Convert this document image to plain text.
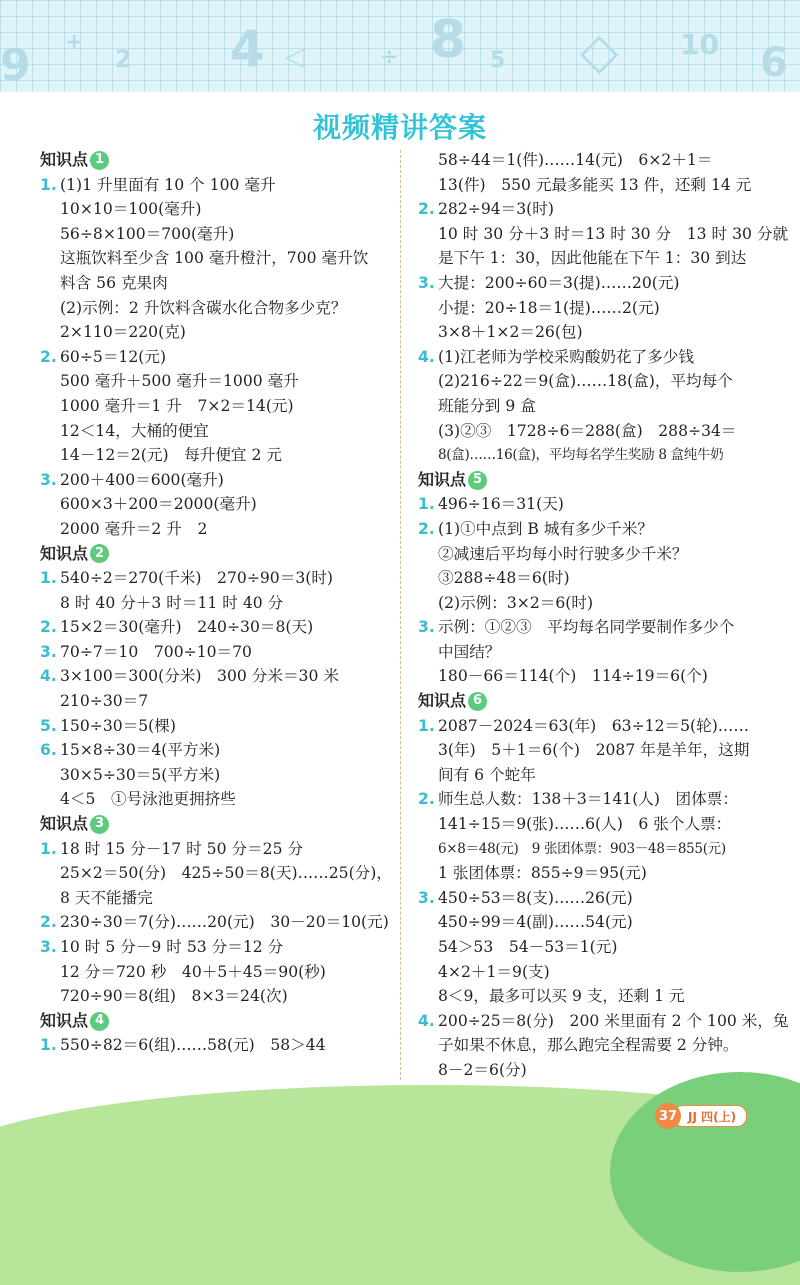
9 +
2 4 ◁	÷ 8 5 ◇ 10 6
视频精讲答案
知识点 1
1. (1)1 升里面有 10 个 100 毫升
10×10＝100(毫升)
56÷8×100＝700(毫升)
这瓶饮料至少含 100 毫升橙汁，700 毫升饮
料含 56 克果肉
(2)示例：2 升饮料含碳水化合物多少克？
2×110＝220(克)
2. 60÷5＝12(元)
500 毫升＋500 毫升＝1000 毫升
1000 毫升＝1 升　7×2＝14(元)
12＜14，大桶的便宜
14－12＝2(元)　每升便宜 2 元
3. 200＋400＝600(毫升)
600×3＋200＝2000(毫升)
2000 毫升＝2 升　2
知识点 2
1. 540÷2＝270(千米)　270÷90＝3(时)
8 时 40 分＋3 时＝11 时 40 分
2. 15×2＝30(毫升)　240÷30＝8(天)
3. 70÷7＝10　700÷10＝70
4. 3×100＝300(分米)　300 分米＝30 米
210÷30＝7
5. 150÷30＝5(棵)
6. 15×8÷30＝4(平方米)
30×5÷30＝5(平方米)
4＜5　①号泳池更拥挤些
知识点 3
1. 18 时 15 分－17 时 50 分＝25 分
25×2＝50(分)　425÷50＝8(天)……25(分)，
8 天不能播完
2. 230÷30＝7(分)……20(元)　30－20＝10(元)
3. 10 时 5 分－9 时 53 分＝12 分
12 分＝720 秒　40＋5＋45＝90(秒)
720÷90＝8(组)　8×3＝24(次)
知识点 4
1. 550÷82＝6(组)……58(元)　58＞44
58÷44＝1(件)……14(元)　6×2＋1＝
13(件)　550 元最多能买 13 件，还剩 14 元
2. 282÷94＝3(时)
10 时 30 分＋3 时＝13 时 30 分　13 时 30 分就
是下午 1：30，因此他能在下午 1：30 到达
3. 大提：200÷60＝3(提)……20(元)
小提：20÷18＝1(提)……2(元)
3×8＋1×2＝26(包)
4. (1)江老师为学校采购酸奶花了多少钱
(2)216÷22＝9(盒)……18(盒)，平均每个
班能分到 9 盒
(3)②③　1728÷6＝288(盒)　288÷34＝
8(盒)……16(盒)，平均每名学生奖励 8 盒纯牛奶
知识点 5
1. 496÷16＝31(天)
2. (1)①中点到 B 城有多少千米？
②减速后平均每小时行驶多少千米？
③288÷48＝6(时)
(2)示例：3×2＝6(时)
3. 示例：①②③　平均每名同学要制作多少个
中国结？
180－66＝114(个)　114÷19＝6(个)
知识点 6
1. 2087－2024＝63(年)　63÷12＝5(轮)……
3(年)　5＋1＝6(个)　2087 年是羊年，这期
间有 6 个蛇年
2. 师生总人数：138＋3＝141(人)　团体票：
141÷15＝9(张)……6(人)　6 张个人票：
6×8＝48(元)　9 张团体票：903－48＝855(元)
1 张团体票：855÷9＝95(元)
3. 450÷53＝8(支)……26(元)
450÷99＝4(副)……54(元)
54＞53　54－53＝1(元)
4×2＋1＝9(支)
8＜9，最多可以买 9 支，还剩 1 元
4. 200÷25＝8(分)　200 米里面有 2 个 100 米，兔
子如果不休息，那么跑完全程需要 2 分钟。
8－2＝6(分)
37 JJ 四(上)
